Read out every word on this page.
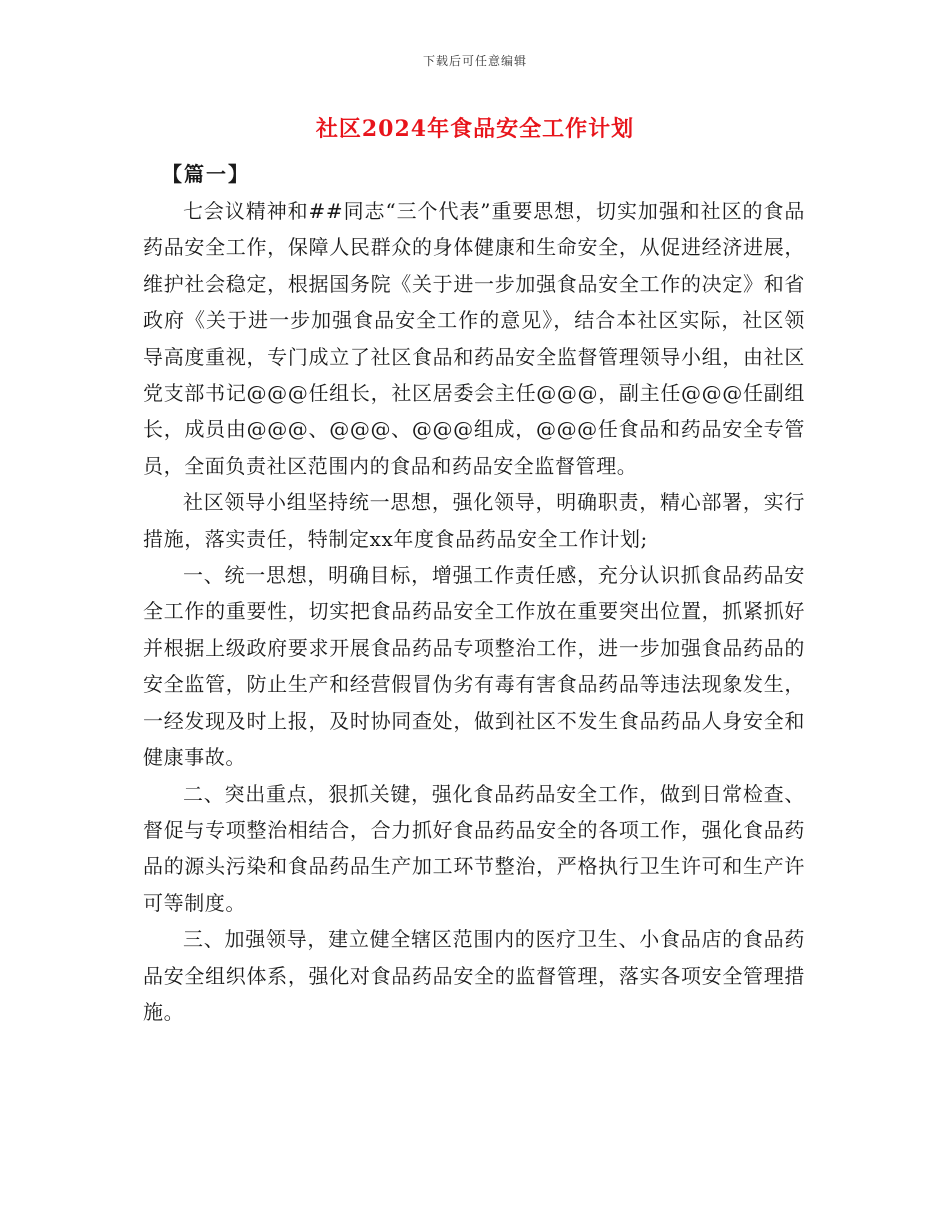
下载后可任意编辑
社区2024年食品安全工作计划
【篇一】

七会议精神和##同志“三个代表”重要思想，切实加强和社区的食品药品安全工作，保障人民群众的身体健康和生命安全，从促进经济进展，维护社会稳定，根据国务院《关于进一步加强食品安全工作的决定》和省政府《关于进一步加强食品安全工作的意见》，结合本社区实际，社区领导高度重视，专门成立了社区食品和药品安全监督管理领导小组，由社区党支部书记@@@任组长，社区居委会主任@@@，副主任@@@任副组长，成员由@@@、@@@、@@@组成，@@@任食品和药品安全专管员，全面负责社区范围内的食品和药品安全监督管理。

社区领导小组坚持统一思想，强化领导，明确职责，精心部署，实行措施，落实责任，特制定xx年度食品药品安全工作计划;

一、统一思想，明确目标，增强工作责任感，充分认识抓食品药品安全工作的重要性，切实把食品药品安全工作放在重要突出位置，抓紧抓好并根据上级政府要求开展食品药品专项整治工作，进一步加强食品药品的安全监管，防止生产和经营假冒伪劣有毒有害食品药品等违法现象发生，一经发现及时上报，及时协同查处，做到社区不发生食品药品人身安全和健康事故。

二、突出重点，狠抓关键，强化食品药品安全工作，做到日常检查、督促与专项整治相结合，合力抓好食品药品安全的各项工作，强化食品药品的源头污染和食品药品生产加工环节整治，严格执行卫生许可和生产许可等制度。

三、加强领导，建立健全辖区范围内的医疗卫生、小食品店的食品药品安全组织体系，强化对食品药品安全的监督管理，落实各项安全管理措施。
